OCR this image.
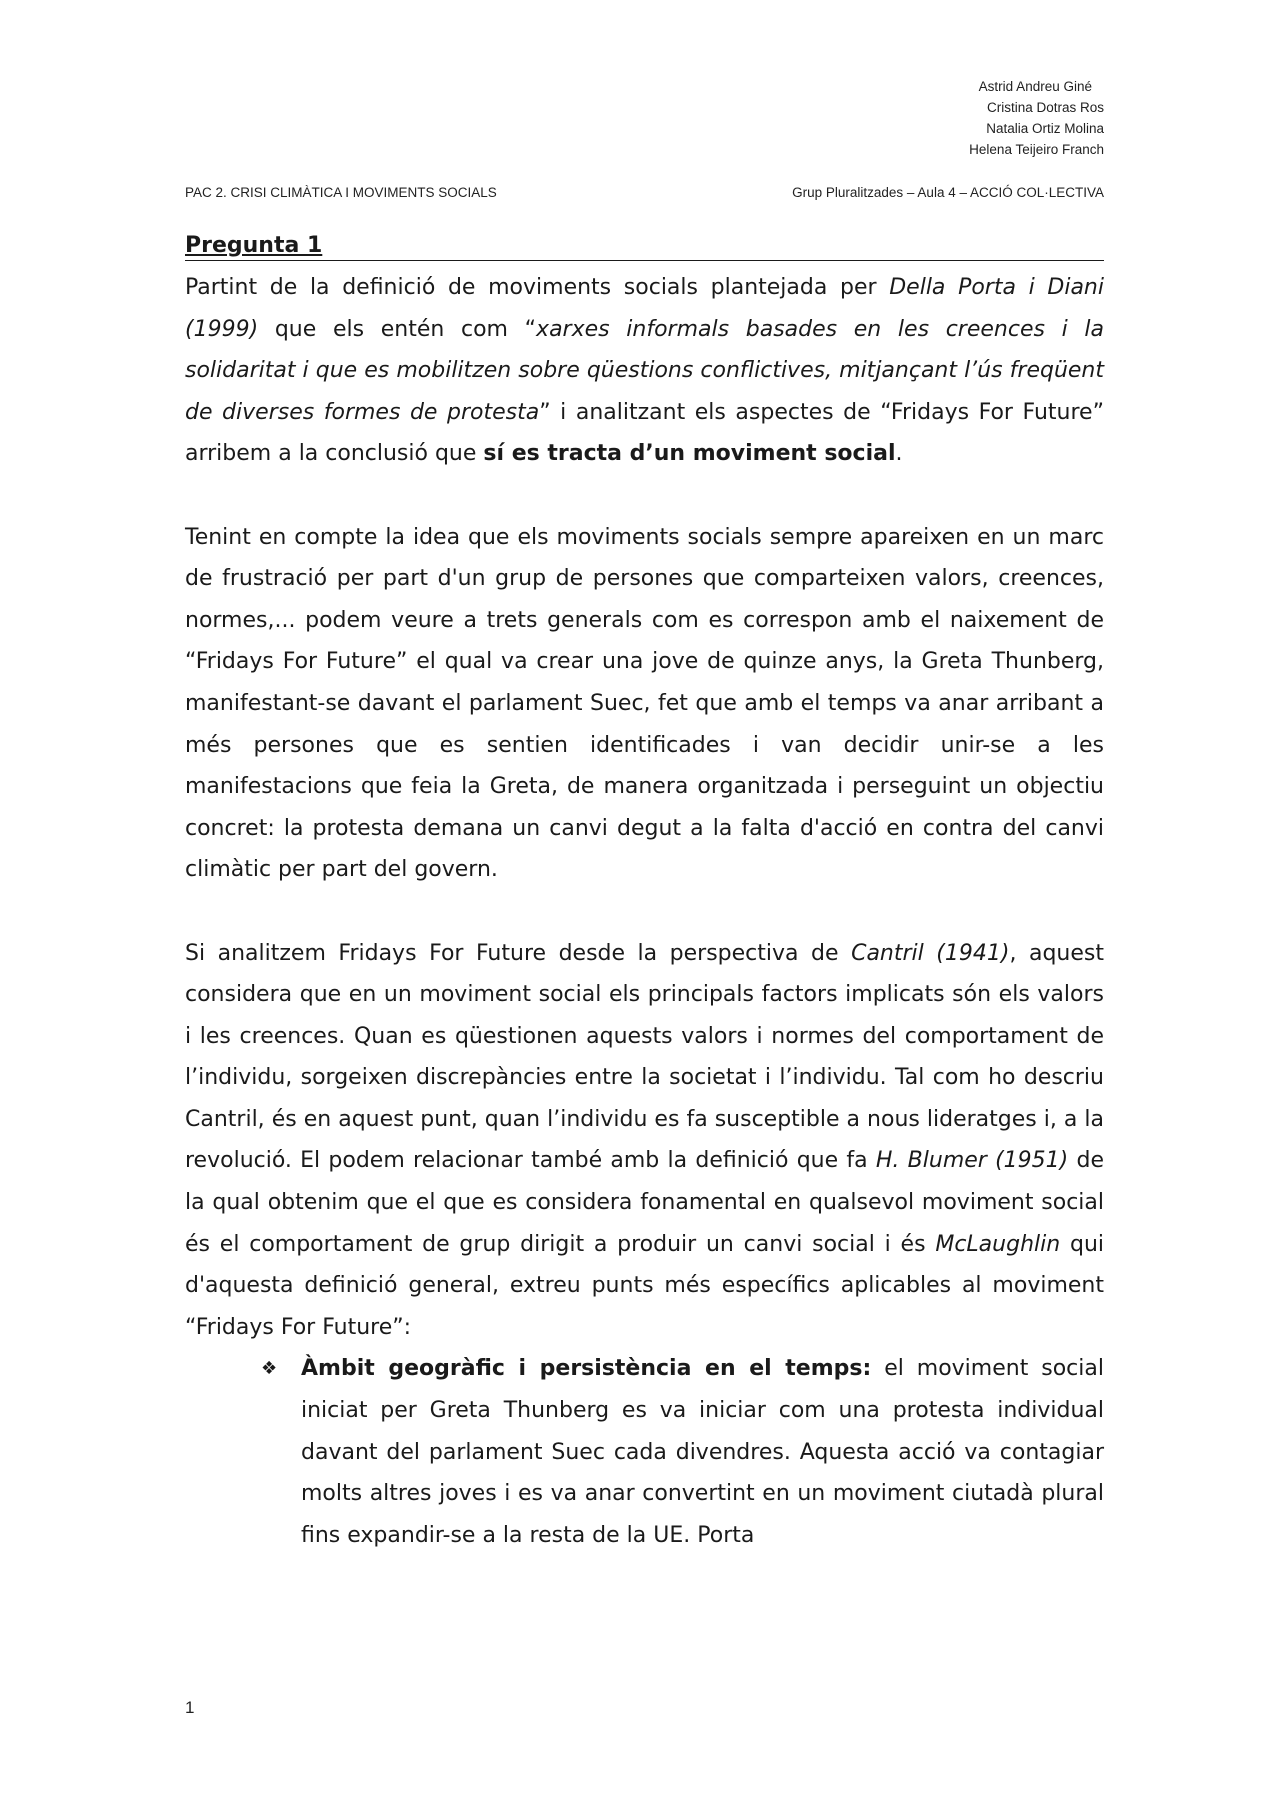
Astrid Andreu Giné
Cristina Dotras Ros
Natalia Ortiz Molina
Helena Teijeiro Franch
PAC 2. CRISI CLIMÀTICA I MOVIMENTS SOCIALS	Grup Pluralitzades – Aula 4 – ACCIÓ COL·LECTIVA
Pregunta 1

Partint de la definició de moviments socials plantejada per Della Porta i Diani (1999) que els entén com “xarxes informals basades en les creences i la solidaritat i que es mobilitzen sobre qüestions conflictives, mitjançant l’ús freqüent de diverses formes de protesta” i analitzant els aspectes de “Fridays For Future” arribem a la conclusió que sí es tracta d’un moviment social.

Tenint en compte la idea que els moviments socials sempre apareixen en un marc de frustració per part d'un grup de persones que comparteixen valors, creences, normes,... podem veure a trets generals com es correspon amb el naixement de “Fridays For Future” el qual va crear una jove de quinze anys, la Greta Thunberg, manifestant-se davant el parlament Suec, fet que amb el temps va anar arribant a més persones que es sentien identificades i van decidir unir-se a les manifestacions que feia la Greta, de manera organitzada i perseguint un objectiu concret: la protesta demana un canvi degut a la falta d'acció en contra del canvi climàtic per part del govern.

Si analitzem Fridays For Future desde la perspectiva de Cantril (1941), aquest considera que en un moviment social els principals factors implicats són els valors i les creences. Quan es qüestionen aquests valors i normes del comportament de l’individu, sorgeixen discrepàncies entre la societat i l’individu. Tal com ho descriu Cantril, és en aquest punt, quan l’individu es fa susceptible a nous lideratges i, a la revolució. El podem relacionar també amb la definició que fa H. Blumer (1951) de la qual obtenim que el que es considera fonamental en qualsevol moviment social és el comportament de grup dirigit a produir un canvi social i és McLaughlin qui d'aquesta definició general, extreu punts més específics aplicables al moviment “Fridays For Future”:

❖ Àmbit geogràfic i persistència en el temps: el moviment social iniciat per Greta Thunberg es va iniciar com una protesta individual davant del parlament Suec cada divendres. Aquesta acció va contagiar molts altres joves i es va anar convertint en un moviment ciutadà plural fins expandir-se a la resta de la UE. Porta

1
